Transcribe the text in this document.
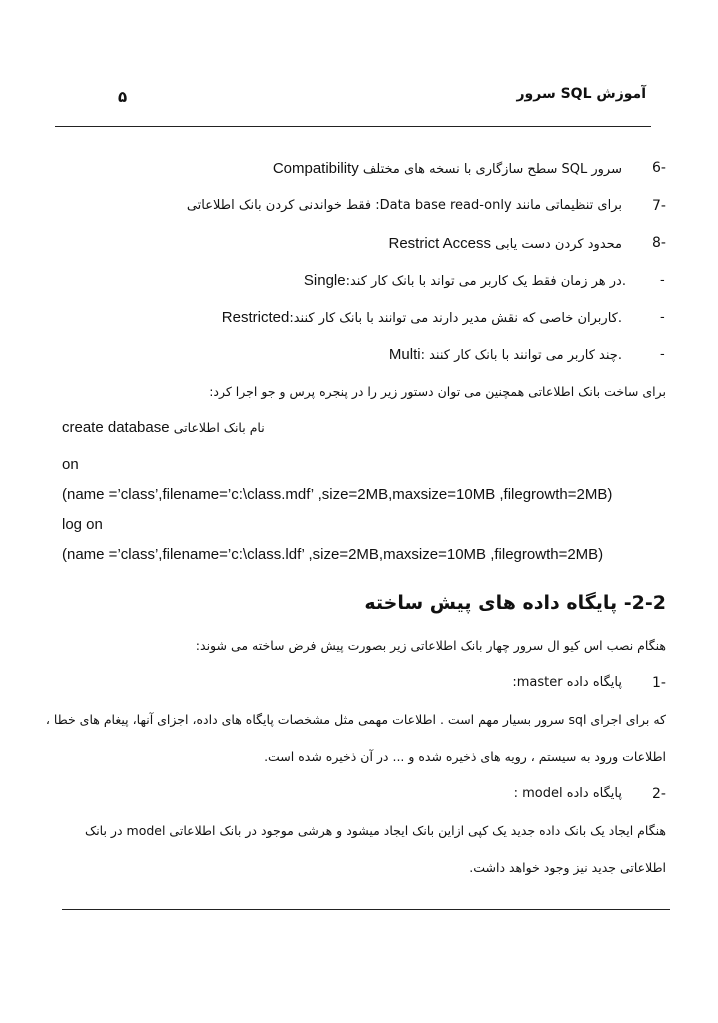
آموزش SQL سرور
۵
6-
Compatibility سطح سازگاری با نسخه های مختلف SQL سرور
7-
برای تنظیماتی مانند Data base read-only: فقط خواندنی کردن بانک اطلاعاتی
8-
Restrict Access محدود کردن دست یابی
-
Single:در هر زمان فقط یک کاربر می تواند با بانک کار کند.
-
Restricted:کاربران خاصی که نقش مدیر دارند می توانند با بانک کار کنند.
-
Multi: چند کاربر می توانند با بانک کار کنند.
برای ساخت بانک اطلاعاتی همچنین می توان دستور زیر را در پنجره پرس و جو اجرا کرد:
create database نام بانک اطلاعاتی
on
(name =’class’,filename=’c:\class.mdf’ ,size=2MB,maxsize=10MB ,filegrowth=2MB)
log on
(name =’class’,filename=’c:\class.ldf’ ,size=2MB,maxsize=10MB ,filegrowth=2MB)
2-2- پایگاه داده های پیش ساخته
هنگام نصب اس کیو ال سرور چهار بانک اطلاعاتی زیر بصورت پیش فرض ساخته می شوند:
1-
پایگاه داده master:
که برای اجرای sql سرور بسیار مهم است . اطلاعات مهمی مثل مشخصات پایگاه های داده، اجزای آنها، پیغام های خطا ،
اطلاعات ورود به سیستم ، رویه های ذخیره شده و ... در آن ذخیره شده است.
2-
پایگاه داده model :
هنگام ایجاد یک بانک داده جدید یک کپی ازاین بانک ایجاد میشود و هرشی موجود در بانک اطلاعاتی model در بانک
اطلاعاتی جدید نیز وجود خواهد داشت.
